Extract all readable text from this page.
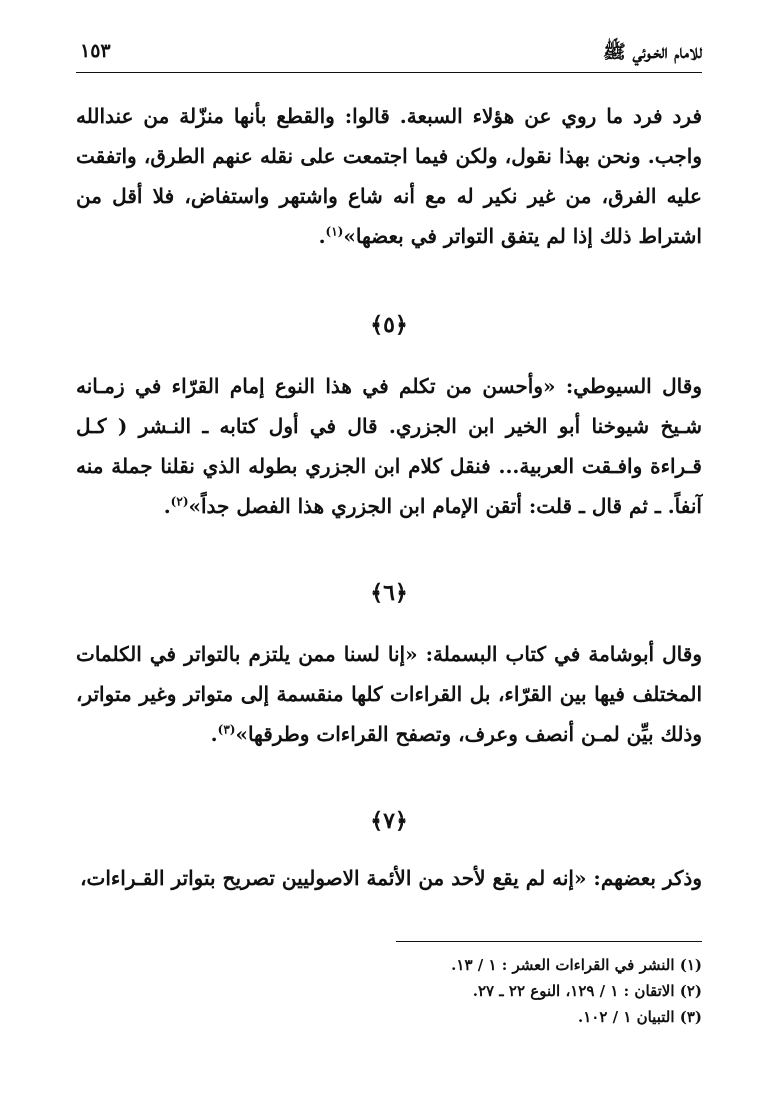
للامام الخـوئي ﷺ
١٥٣

فرد فرد ما روي عن هؤلاء السبعة. قالوا: والقطع بأنها منزّلة من عندالله واجب. ونحن بهذا نقول، ولكن فيما اجتمعت على نقله عنهم الطرق، واتفقت عليه الفرق، من غير نكير له مع أنه شاع واشتهر واستفاض، فلا أقل من اشتراط ذلك إذا لم يتفق التواتر في بعضها»$^{(١)}$.

﴿٥﴾

وقال السيوطي: «وأحسن من تكلم في هذا النوع إمام القرّاء في زمـانه شـيخ شيوخنا أبو الخير ابن الجزري. قال في أول كتابه ـ النـشر ( كـل قـراءة وافـقت العربية... فنقل كلام ابن الجزري بطوله الذي نقلنا جملة منه آنفاً. ـ ثم قال ـ قلت: أتقن الإمام ابن الجزري هذا الفصل جداً»$^{(٢)}$.

﴿٦﴾

وقال أبوشامة في كتاب البسملة: «إنا لسنا ممن يلتزم بالتواتر في الكلمات المختلف فيها بين القرّاء، بل القراءات كلها منقسمة إلى متواتر وغير متواتر، وذلك بيِّن لمـن أنصف وعرف، وتصفح القراءات وطرقها»$^{(٣)}$.

﴿٧﴾

وذكر بعضهم: «إنه لم يقع لأحد من الأئمة الاصوليين تصريح بتواتر القـراءات،

(١) النشر في القراءات العشر : ١ / ١٣.
(٢) الاتقان : ١ / ١٢٩، النوع ٢٢ ـ ٢٧.
(٣) التبيان ١ / ١٠٢.
